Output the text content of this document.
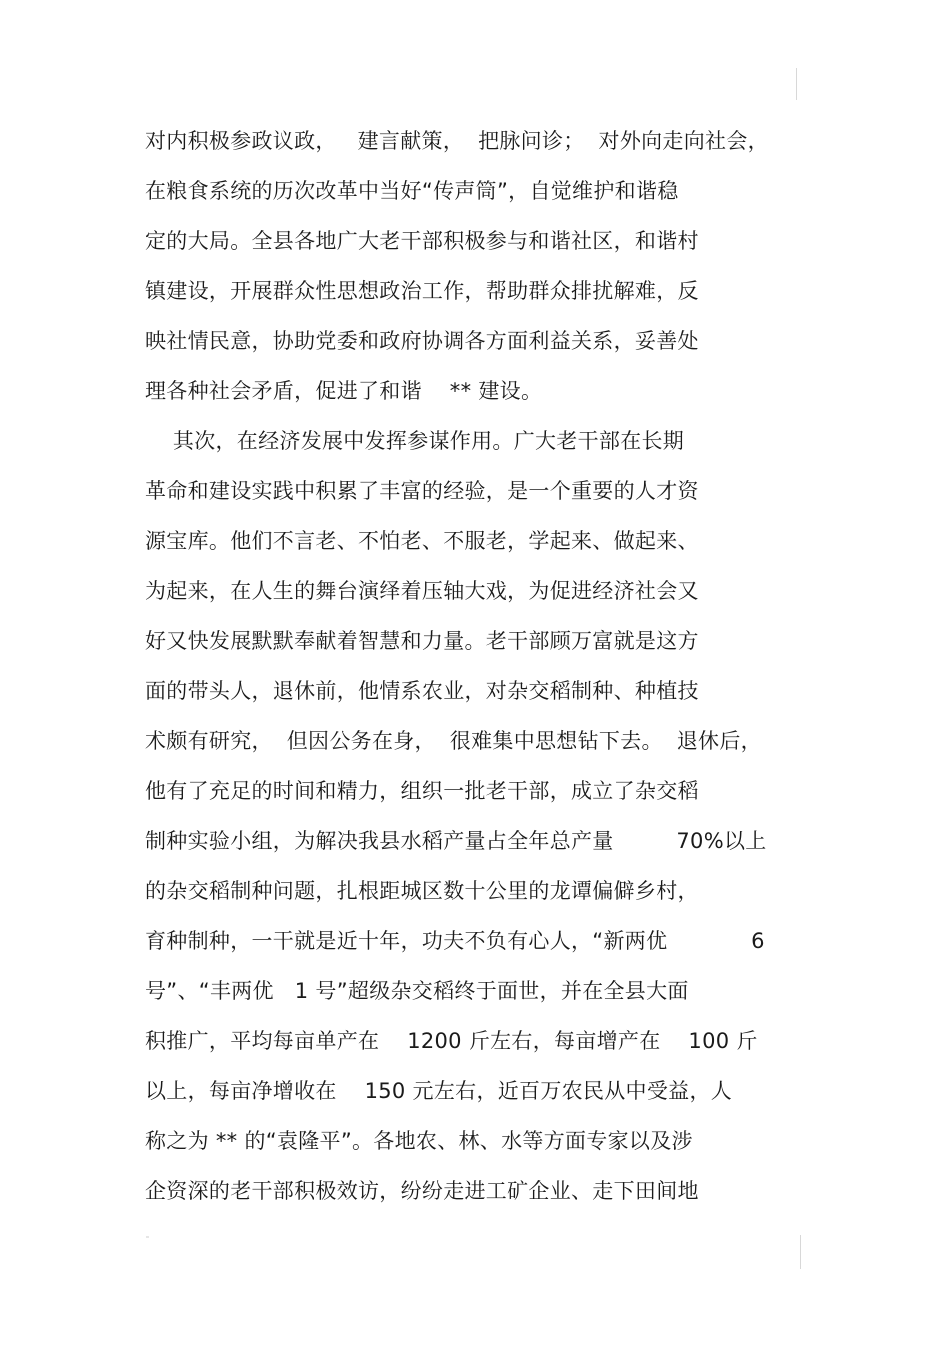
对内积极参政议政，   建言献策，  把脉问诊；  对外向走向社会，
在粮食系统的历次改革中当好“传声筒”，自觉维护和谐稳
定的大局。全县各地广大老干部积极参与和谐社区，和谐村
镇建设，开展群众性思想政治工作，帮助群众排扰解难，反
映社情民意，协助党委和政府协调各方面利益关系，妥善处
理各种社会矛盾，促进了和谐    ** 建设。
其次，在经济发展中发挥参谋作用。广大老干部在长期
革命和建设实践中积累了丰富的经验，是一个重要的人才资
源宝库。他们不言老、不怕老、不服老，学起来、做起来、
为起来，在人生的舞台演绎着压轴大戏，为促进经济社会又
好又快发展默默奉献着智慧和力量。老干部顾万富就是这方
面的带头人，退休前，他情系农业，对杂交稻制种、种植技
术颇有研究，  但因公务在身，  很难集中思想钻下去。  退休后，
他有了充足的时间和精力，组织一批老干部，成立了杂交稻
制种实验小组，为解决我县水稻产量占全年总产量         70%以上
的杂交稻制种问题，扎根距城区数十公里的龙谭偏僻乡村，
育种制种，一干就是近十年，功夫不负有心人，“新两优            6
号”、“丰两优   1 号”超级杂交稻终于面世，并在全县大面
积推广，平均每亩单产在    1200 斤左右，每亩增产在    100 斤
以上，每亩净增收在    150 元左右，近百万农民从中受益，人
称之为 ** 的“袁隆平”。各地农、林、水等方面专家以及涉
企资深的老干部积极效访，纷纷走进工矿企业、走下田间地
